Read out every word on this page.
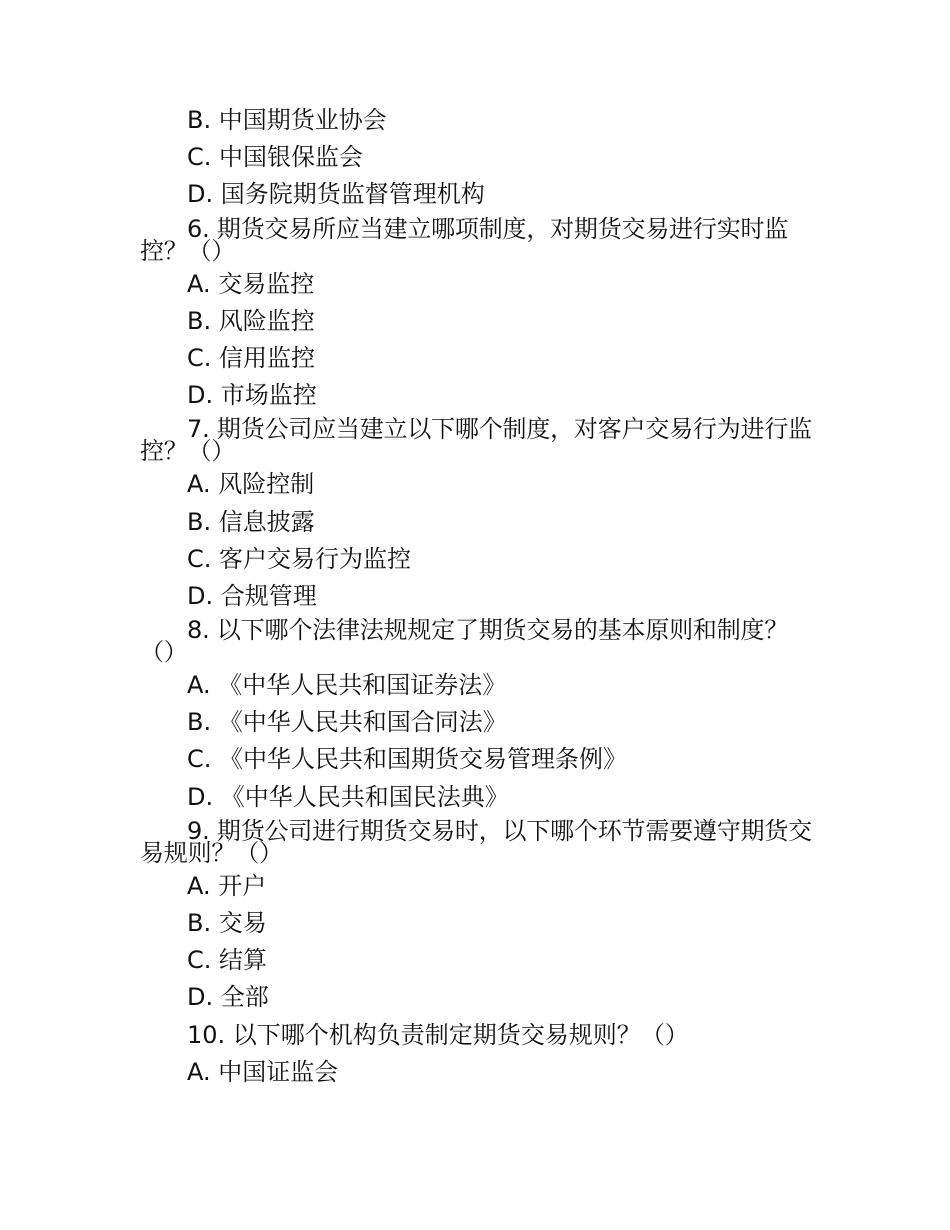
B. 中国期货业协会
C. 中国银保监会
D. 国务院期货监督管理机构
6. 期货交易所应当建立哪项制度，对期货交易进行实时监控？（）
A. 交易监控
B. 风险监控
C. 信用监控
D. 市场监控
7. 期货公司应当建立以下哪个制度，对客户交易行为进行监控？（）
A. 风险控制
B. 信息披露
C. 客户交易行为监控
D. 合规管理
8. 以下哪个法律法规规定了期货交易的基本原则和制度？（）
A. 《中华人民共和国证券法》
B. 《中华人民共和国合同法》
C. 《中华人民共和国期货交易管理条例》
D. 《中华人民共和国民法典》
9. 期货公司进行期货交易时，以下哪个环节需要遵守期货交易规则？（）
A. 开户
B. 交易
C. 结算
D. 全部
10. 以下哪个机构负责制定期货交易规则？（）
A. 中国证监会
